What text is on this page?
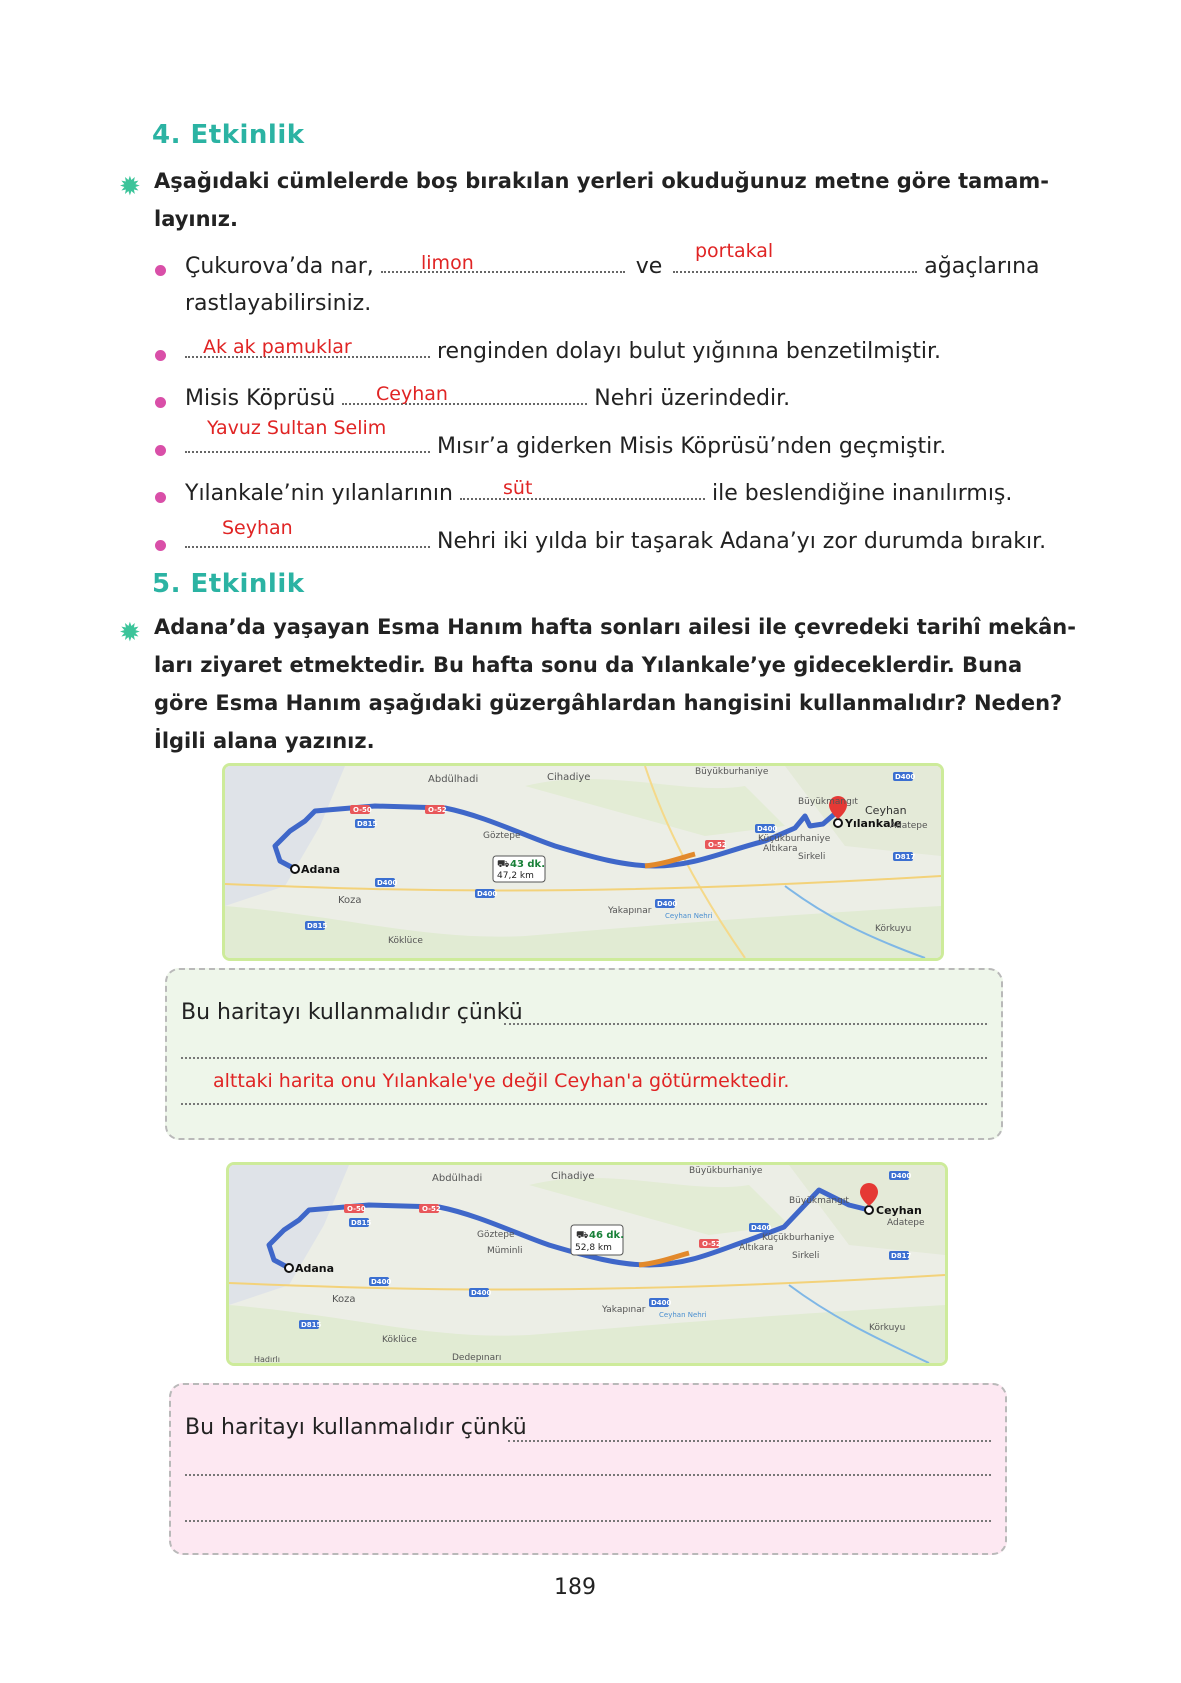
4. Etkinlik
✹ Aşağıdaki cümlelerde boş bırakılan yerleri okuduğunuz metne göre tamam-
layınız.
Çukurova’da nar,	ve	ağaçlarına
limon
portakal
rastlayabilirsiniz.
renginden dolayı bulut yığınına benzetilmiştir.
Ak ak pamuklar
Misis Köprüsü	Nehri üzerindedir.
Ceyhan
Mısır’a giderken Misis Köprüsü’nden geçmiştir.
Yavuz Sultan Selim
Yılankale’nin yılanlarının	ile beslendiğine inanılırmış.
süt
Nehri iki yılda bir taşarak Adana’yı zor durumda bırakır.
Seyhan
5. Etkinlik
✹ Adana’da yaşayan Esma Hanım hafta sonları ailesi ile çevredeki tarihî mekân-
ları ziyaret etmektedir. Bu hafta sonu da Yılankale’ye gideceklerdir. Buna
göre Esma Hanım aşağıdaki güzergâhlardan hangisini kullanmalıdır? Neden?
İlgili alana yazınız.
43 dk.
47,2 km
⛟
Adana
Yılankale
Abdülhadi	Cihadiye	Büyükburhaniye
Büyükmangıt
Ceyhan
Adatepe
Göztepe	Küçükburhaniye
Altıkara
Sirkeli
Koza
Yakapınar Ceyhan Nehri
Körkuyu
Köklüce
O-50	O-52
O-52
D815
D400
D400
D400
D400
D400
D817
D815
Bu haritayı kullanmalıdır çünkü
alttaki harita onu Yılankale'ye değil Ceyhan'a götürmektedir.
46 dk.
52,8 km
⛟
Adana
Ceyhan
Abdülhadi	Cihadiye	Büyükburhaniye
Büyükmangıt
Adatepe
Göztepe
Müminli
Küçükburhaniye
Altıkara
Sirkeli
Koza
Yakapınar Ceyhan Nehri
Körkuyu
Köklüce
Dedepınarı
Hadırlı
O-50	O-52
O-52
D815
D400
D400
D400
D400
D400
D817
D815
Bu haritayı kullanmalıdır çünkü
189
